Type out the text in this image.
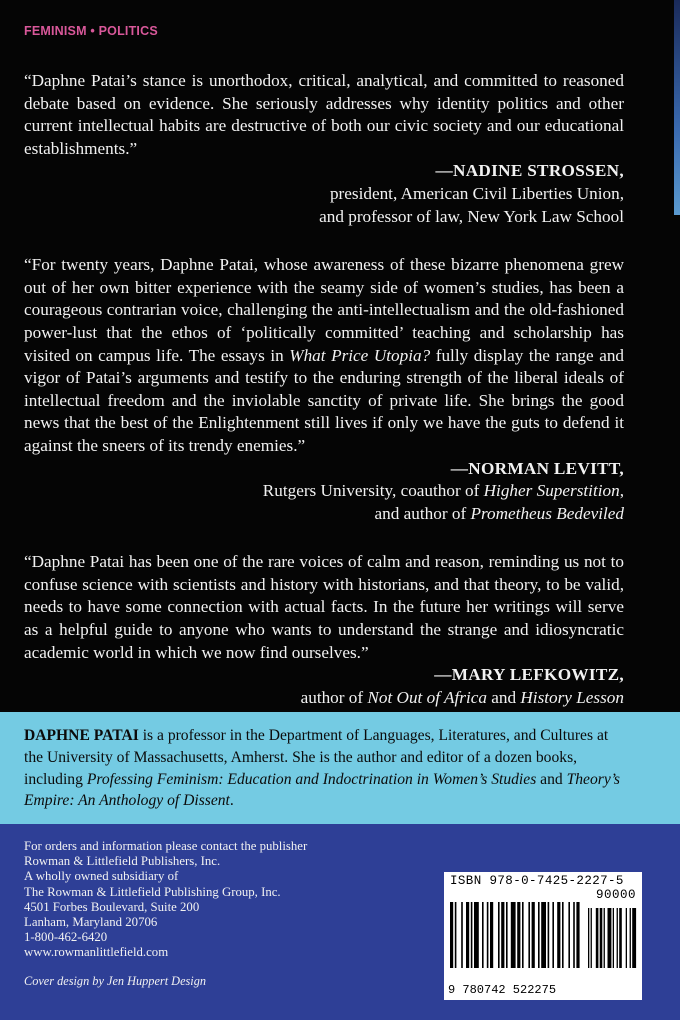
FEMINISM • POLITICS

“Daphne Patai’s stance is unorthodox, critical, analytical, and committed to reasoned debate based on evidence. She seriously addresses why identity politics and other current intellectual habits are destructive of both our civic society and our educational establishments.”

—NADINE STROSSEN,
president, American Civil Liberties Union,
and professor of law, New York Law School

“For twenty years, Daphne Patai, whose awareness of these bizarre phenomena grew out of her own bitter experience with the seamy side of women’s studies, has been a courageous contrarian voice, challenging the anti-intellectualism and the old-fashioned power-lust that the ethos of ‘politically committed’ teaching and scholarship has visited on campus life. The essays in What Price Utopia? fully display the range and vigor of Patai’s arguments and testify to the enduring strength of the liberal ideals of intellectual freedom and the inviolable sanctity of private life. She brings the good news that the best of the Enlightenment still lives if only we have the guts to defend it against the sneers of its trendy enemies.”

—NORMAN LEVITT,
Rutgers University, coauthor of Higher Superstition,
and author of Prometheus Bedeviled

“Daphne Patai has been one of the rare voices of calm and reason, reminding us not to confuse science with scientists and history with historians, and that theory, to be valid, needs to have some connection with actual facts. In the future her writings will serve as a helpful guide to anyone who wants to understand the strange and idiosyncratic academic world in which we now find ourselves.”

—MARY LEFKOWITZ,
author of Not Out of Africa and History Lesson

DAPHNE PATAI is a professor in the Department of Languages, Literatures, and Cultures at the University of Massachusetts, Amherst. She is the author and editor of a dozen books, including Professing Feminism: Education and Indoctrination in Women’s Studies and Theory’s Empire: An Anthology of Dissent.

For orders and information please contact the publisher
Rowman & Littlefield Publishers, Inc.
A wholly owned subsidiary of
The Rowman & Littlefield Publishing Group, Inc.
4501 Forbes Boulevard, Suite 200
Lanham, Maryland 20706
1-800-462-6420
www.rowmanlittlefield.com
Cover design by Jen Huppert Design
ISBN 978-0-7425-2227-5
90000
9 780742 522275
